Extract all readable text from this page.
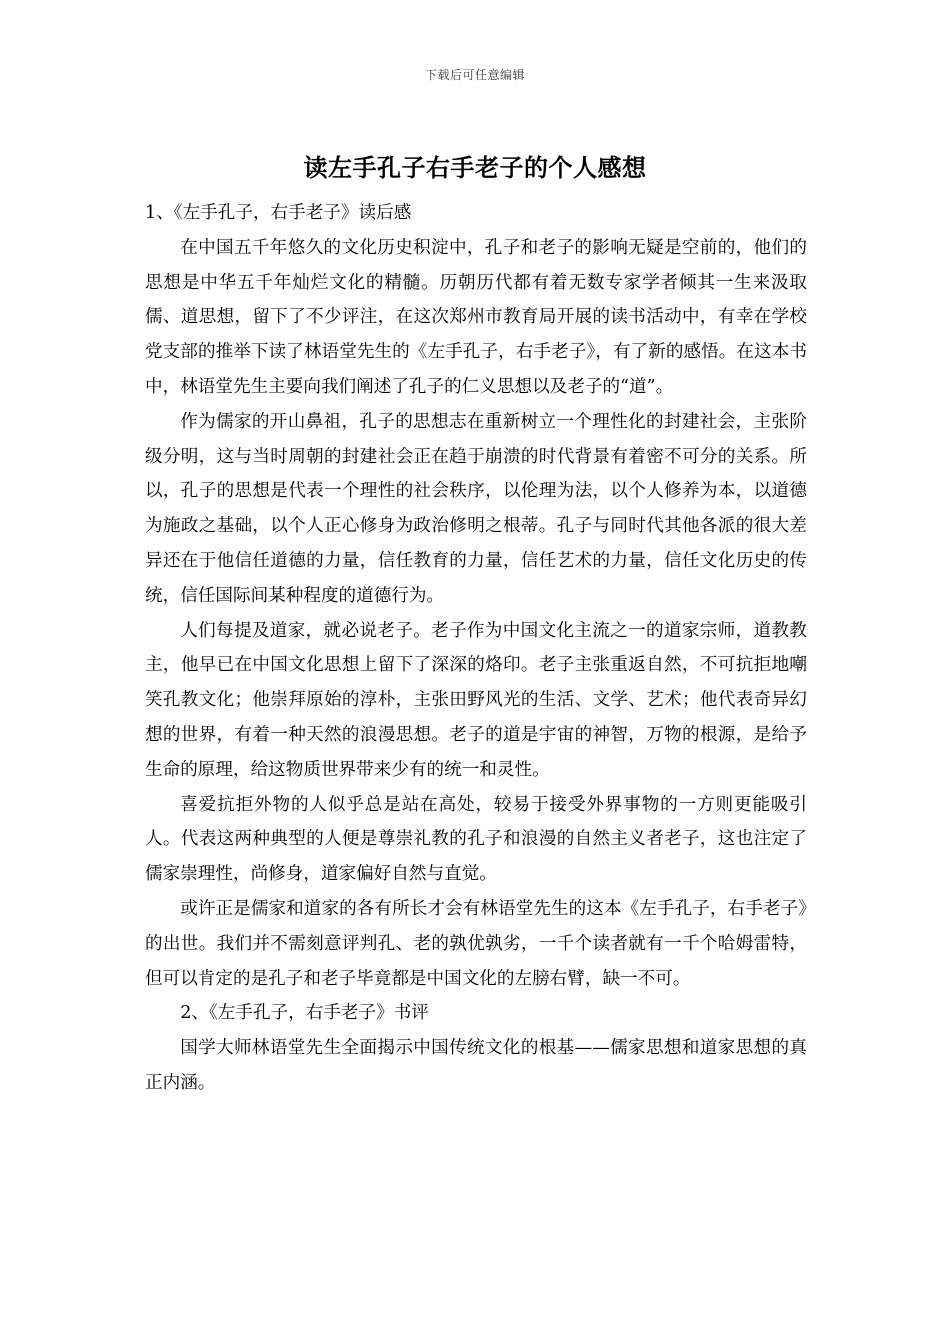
下载后可任意编辑
读左手孔子右手老子的个人感想

1、《左手孔子，右手老子》读后感

在中国五千年悠久的文化历史积淀中，孔子和老子的影响无疑是空前的，他们的思想是中华五千年灿烂文化的精髓。历朝历代都有着无数专家学者倾其一生来汲取儒、道思想，留下了不少评注，在这次郑州市教育局开展的读书活动中，有幸在学校党支部的推举下读了林语堂先生的《左手孔子，右手老子》，有了新的感悟。在这本书中，林语堂先生主要向我们阐述了孔子的仁义思想以及老子的“道”。

作为儒家的开山鼻祖，孔子的思想志在重新树立一个理性化的封建社会，主张阶级分明，这与当时周朝的封建社会正在趋于崩溃的时代背景有着密不可分的关系。所以，孔子的思想是代表一个理性的社会秩序，以伦理为法，以个人修养为本，以道德为施政之基础，以个人正心修身为政治修明之根蒂。孔子与同时代其他各派的很大差异还在于他信任道德的力量，信任教育的力量，信任艺术的力量，信任文化历史的传统，信任国际间某种程度的道德行为。

人们每提及道家，就必说老子。老子作为中国文化主流之一的道家宗师，道教教主，他早已在中国文化思想上留下了深深的烙印。老子主张重返自然，不可抗拒地嘲笑孔教文化；他崇拜原始的淳朴，主张田野风光的生活、文学、艺术；他代表奇异幻想的世界，有着一种天然的浪漫思想。老子的道是宇宙的神智，万物的根源，是给予生命的原理，给这物质世界带来少有的统一和灵性。

喜爱抗拒外物的人似乎总是站在高处，较易于接受外界事物的一方则更能吸引人。代表这两种典型的人便是尊崇礼教的孔子和浪漫的自然主义者老子，这也注定了儒家崇理性，尚修身，道家偏好自然与直觉。

或许正是儒家和道家的各有所长才会有林语堂先生的这本《左手孔子，右手老子》的出世。我们并不需刻意评判孔、老的孰优孰劣，一千个读者就有一千个哈姆雷特，但可以肯定的是孔子和老子毕竟都是中国文化的左膀右臂，缺一不可。

2、《左手孔子，右手老子》书评

国学大师林语堂先生全面揭示中国传统文化的根基——儒家思想和道家思想的真正内涵。
